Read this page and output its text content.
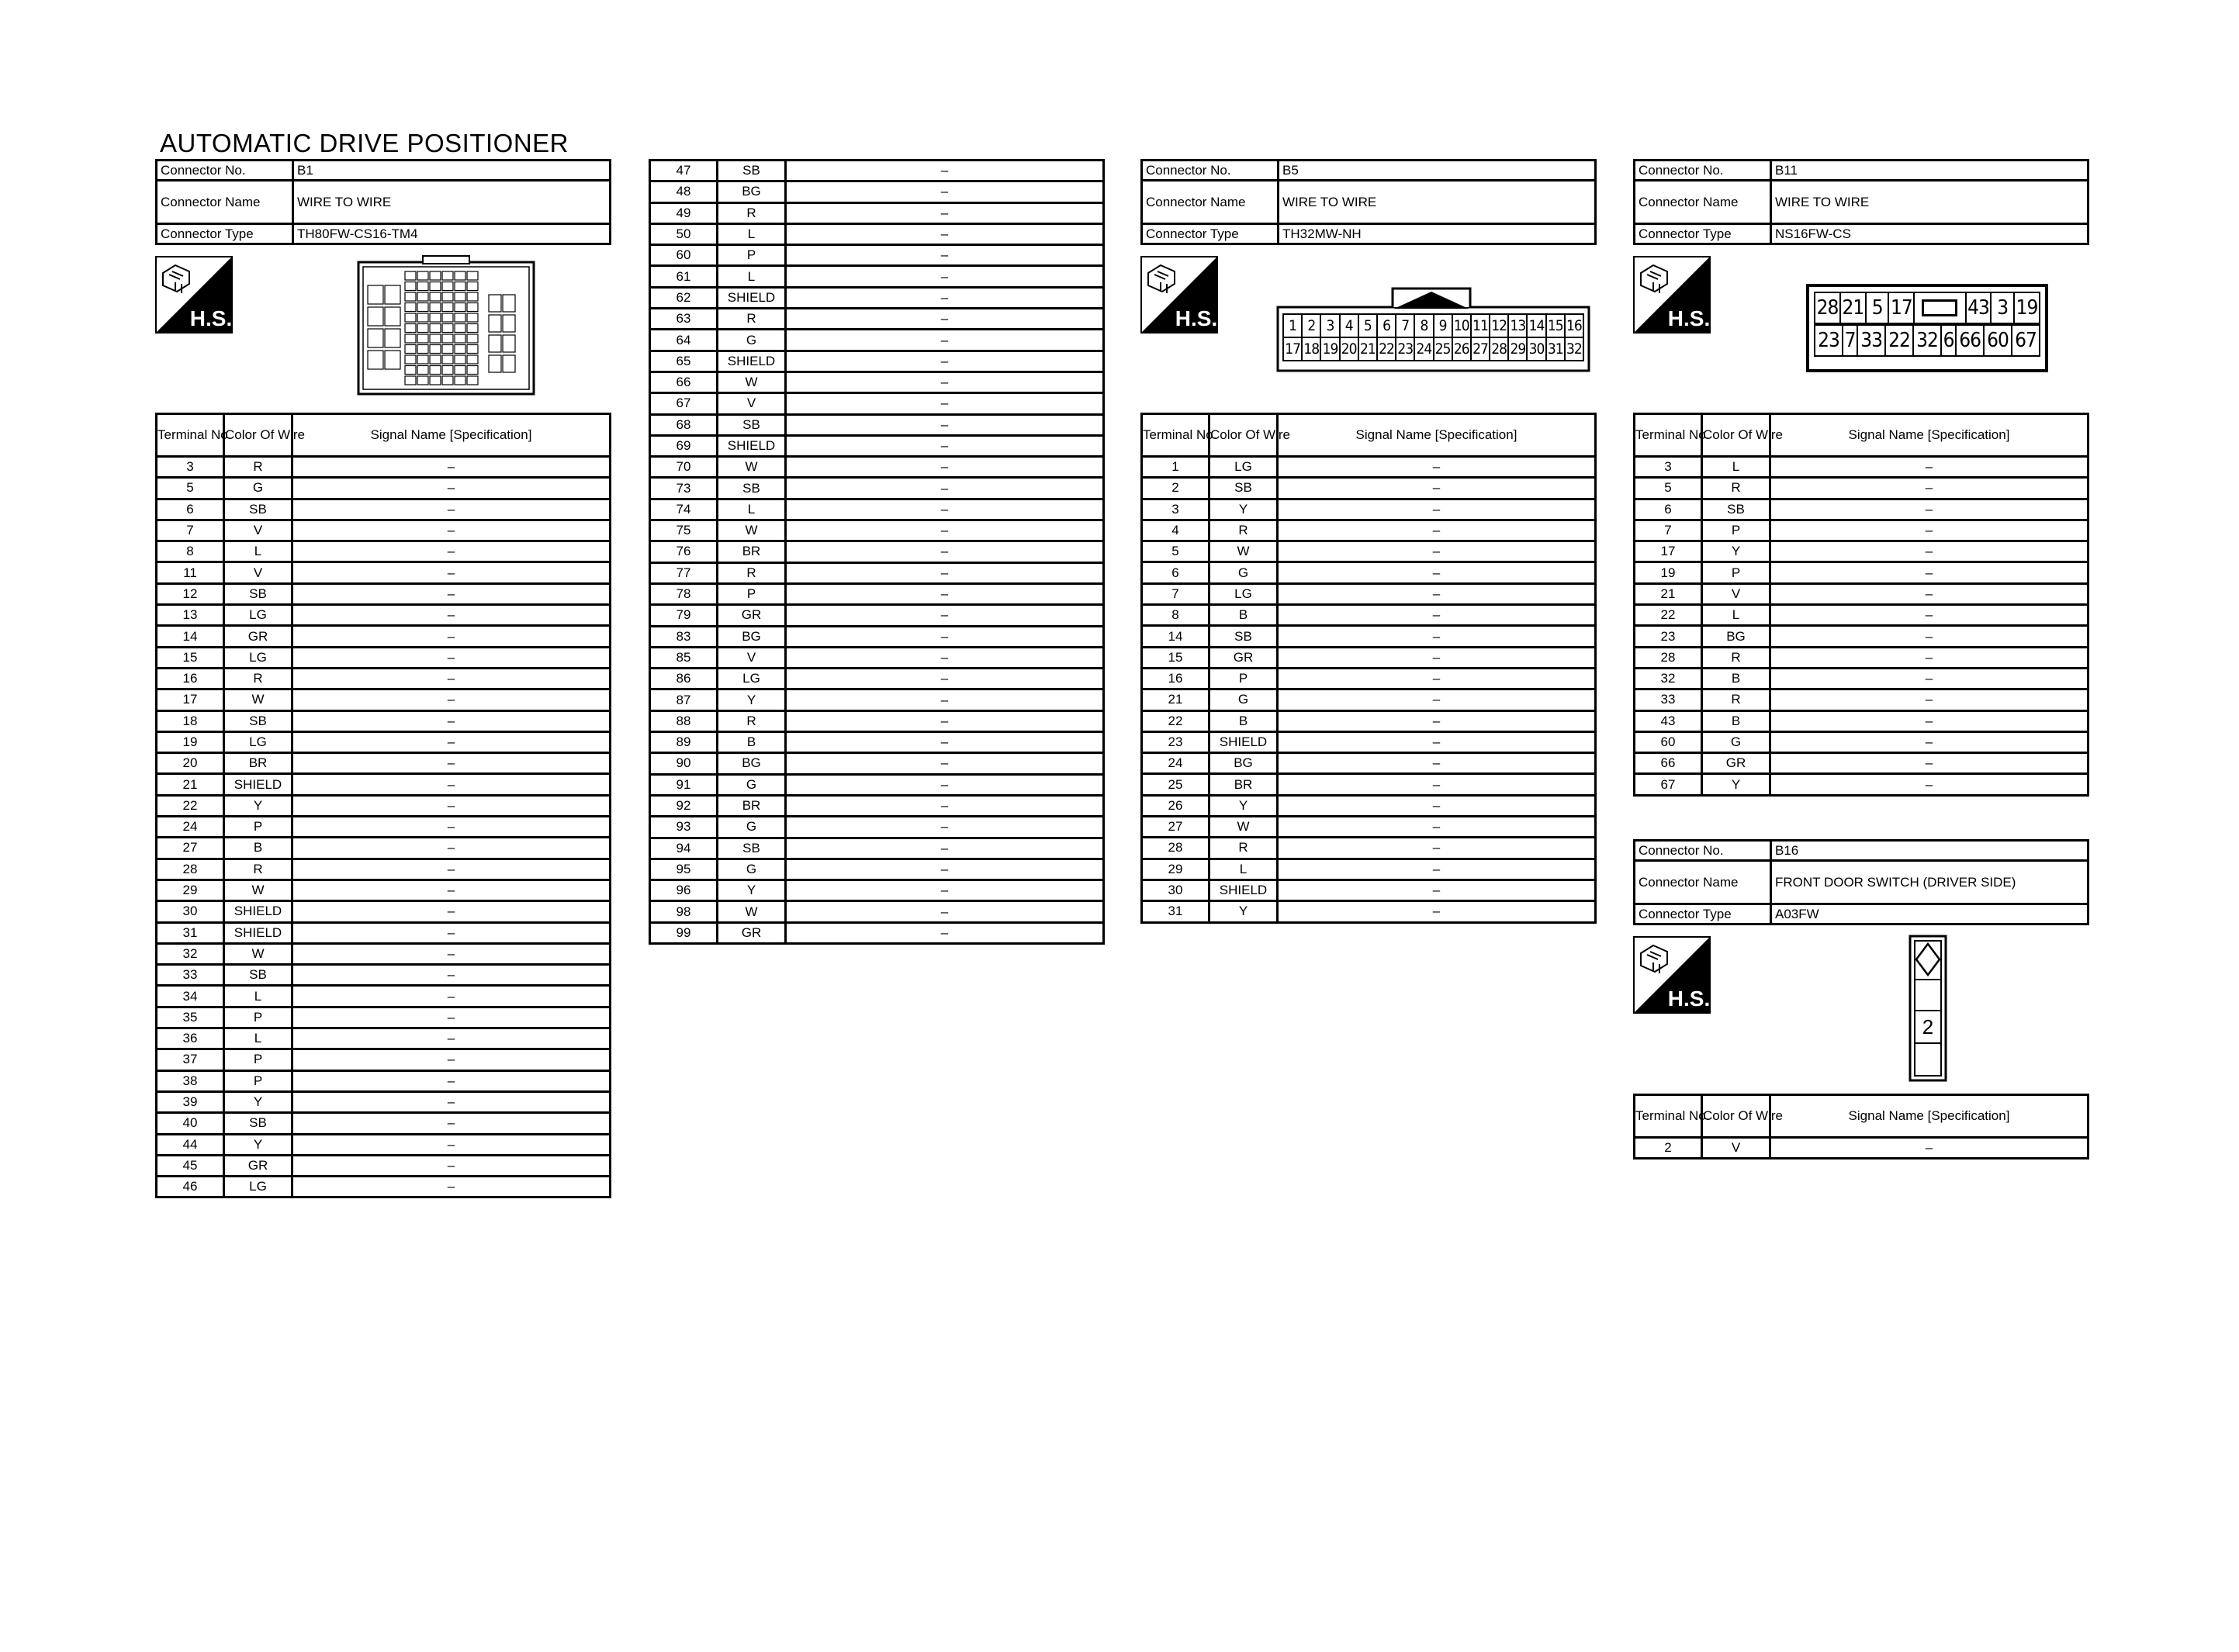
AUTOMATIC DRIVE POSITIONER
Connector No.	B1
Connector Name	WIRE TO WIRE
Connector Type	TH80FW-CS16-TM4
H.S.
Terminal No.	Color Of Wire	Signal Name [Specification]
3	R	–
5	G	–
6	SB	–
7	V	–
8	L	–
11	V	–
12	SB	–
13	LG	–
14	GR	–
15	LG	–
16	R	–
17	W	–
18	SB	–
19	LG	–
20	BR	–
21	SHIELD	–
22	Y	–
24	P	–
27	B	–
28	R	–
29	W	–
30	SHIELD	–
31	SHIELD	–
32	W	–
33	SB	–
34	L	–
35	P	–
36	L	–
37	P	–
38	P	–
39	Y	–
40	SB	–
44	Y	–
45	GR	–
46	LG	–
47	SB	–
48	BG	–
49	R	–
50	L	–
60	P	–
61	L	–
62	SHIELD	–
63	R	–
64	G	–
65	SHIELD	–
66	W	–
67	V	–
68	SB	–
69	SHIELD	–
70	W	–
73	SB	–
74	L	–
75	W	–
76	BR	–
77	R	–
78	P	–
79	GR	–
83	BG	–
85	V	–
86	LG	–
87	Y	–
88	R	–
89	B	–
90	BG	–
91	G	–
92	BR	–
93	G	–
94	SB	–
95	G	–
96	Y	–
98	W	–
99	GR	–
Connector No.	B5
Connector Name	WIRE TO WIRE
Connector Type	TH32MW-NH
H.S.	1	2	3	4	5	6	7	8	9	10	11	12	13	14	15	16
17	18	19	20	21	22	23	24	25	26	27	28	29	30	31	32
Terminal No.	Color Of Wire	Signal Name [Specification]
1	LG	–
2	SB	–
3	Y	–
4	R	–
5	W	–
6	G	–
7	LG	–
8	B	–
14	SB	–
15	GR	–
16	P	–
21	G	–
22	B	–
23	SHIELD	–
24	BG	–
25	BR	–
26	Y	–
27	W	–
28	R	–
29	L	–
30	SHIELD	–
31	Y	–
Connector No.	B11
Connector Name	WIRE TO WIRE
Connector Type	NS16FW-CS
H.S.	28	21	5	17		43	3	19
23	7	33	22	32	6	66	60	67
Terminal No.	Color Of Wire	Signal Name [Specification]
3	L	–
5	R	–
6	SB	–
7	P	–
17	Y	–
19	P	–
21	V	–
22	L	–
23	BG	–
28	R	–
32	B	–
33	R	–
43	B	–
60	G	–
66	GR	–
67	Y	–
Connector No.	B16
Connector Name	FRONT DOOR SWITCH (DRIVER SIDE)
Connector Type	A03FW
H.S.
2
Terminal No.	Color Of Wire	Signal Name [Specification]
2	V	–
